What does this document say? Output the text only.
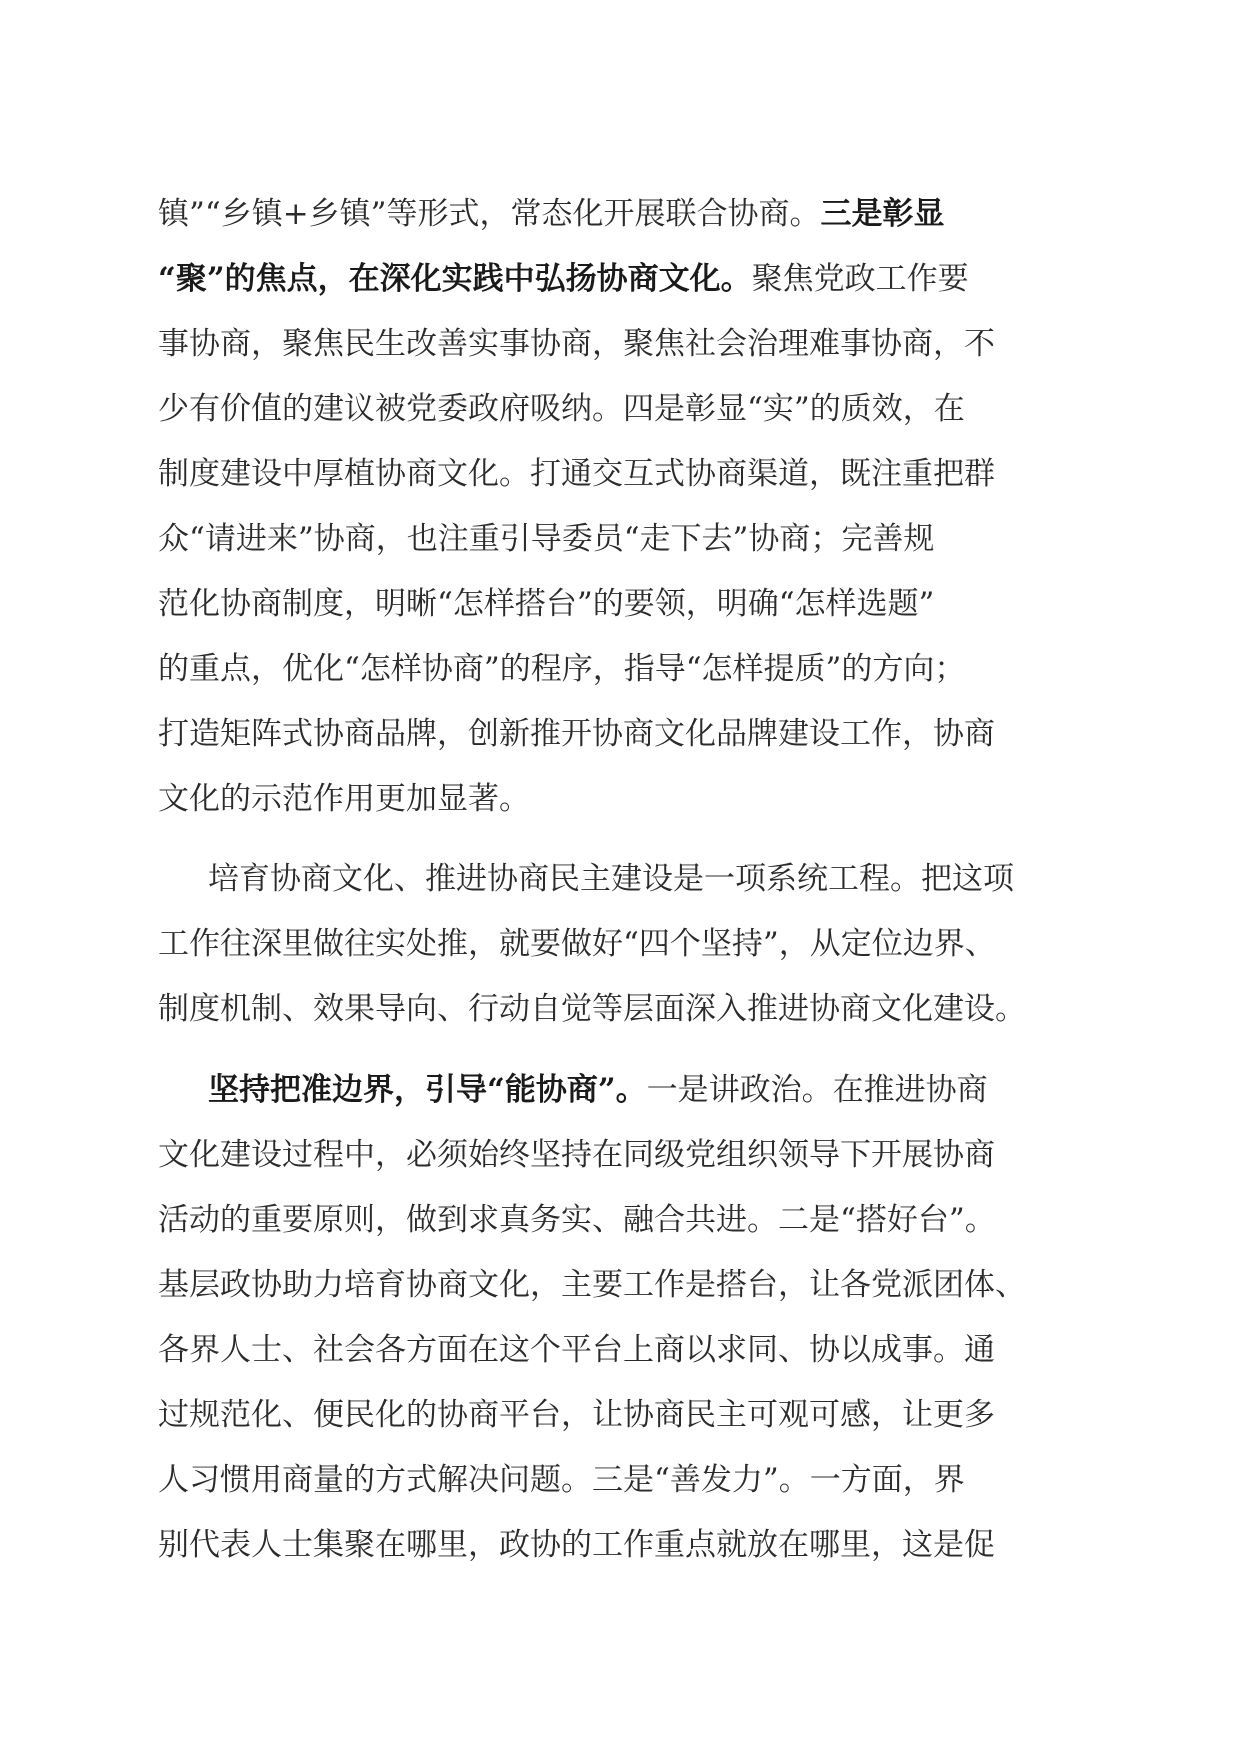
镇”“乡镇+乡镇”等形式，常态化开展联合协商。三是彰显
“聚”的焦点，在深化实践中弘扬协商文化。聚焦党政工作要
事协商，聚焦民生改善实事协商，聚焦社会治理难事协商，不
少有价值的建议被党委政府吸纳。四是彰显“实”的质效，在
制度建设中厚植协商文化。打通交互式协商渠道，既注重把群
众“请进来”协商，也注重引导委员“走下去”协商；完善规
范化协商制度，明晰“怎样搭台”的要领，明确“怎样选题”
的重点，优化“怎样协商”的程序，指导“怎样提质”的方向；
打造矩阵式协商品牌，创新推开协商文化品牌建设工作，协商
文化的示范作用更加显著。
培育协商文化、推进协商民主建设是一项系统工程。把这项
工作往深里做往实处推，就要做好“四个坚持”，从定位边界、
制度机制、效果导向、行动自觉等层面深入推进协商文化建设。
坚持把准边界，引导“能协商”。一是讲政治。在推进协商
文化建设过程中，必须始终坚持在同级党组织领导下开展协商
活动的重要原则，做到求真务实、融合共进。二是“搭好台”。
基层政协助力培育协商文化，主要工作是搭台，让各党派团体、
各界人士、社会各方面在这个平台上商以求同、协以成事。通
过规范化、便民化的协商平台，让协商民主可观可感，让更多
人习惯用商量的方式解决问题。三是“善发力”。一方面，界
别代表人士集聚在哪里，政协的工作重点就放在哪里，这是促
